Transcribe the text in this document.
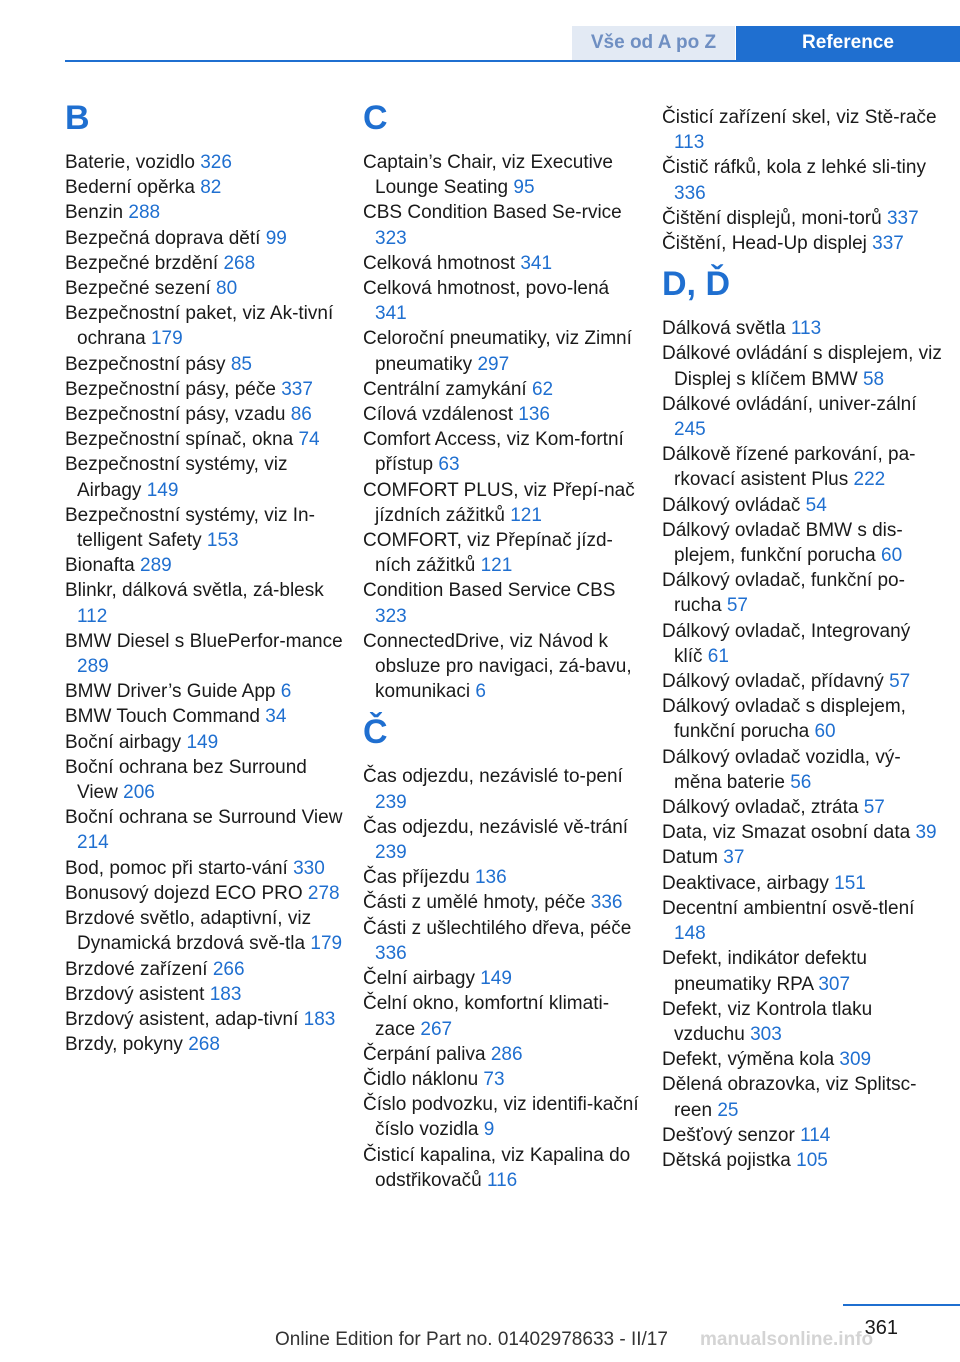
Vše od A po Z	Reference
B
Baterie, vozidlo 326
Bederní opěrka 82
Benzin 288
Bezpečná doprava dětí 99
Bezpečné brzdění 268
Bezpečné sezení 80
Bezpečnostní paket, viz Ak-tivní ochrana 179
Bezpečnostní pásy 85
Bezpečnostní pásy, péče 337
Bezpečnostní pásy, vzadu 86
Bezpečnostní spínač, okna 74
Bezpečnostní systémy, viz Airbagy 149
Bezpečnostní systémy, viz In-telligent Safety 153
Bionafta 289
Blinkr, dálková světla, zá-blesk 112
BMW Diesel s BluePerfor-mance 289
BMW Driver’s Guide App 6
BMW Touch Command 34
Boční airbagy 149
Boční ochrana bez Surround View 206
Boční ochrana se Surround View 214
Bod, pomoc při starto-vání 330
Bonusový dojezd ECO PRO 278
Brzdové světlo, adaptivní, viz Dynamická brzdová svě-tla 179
Brzdové zařízení 266
Brzdový asistent 183
Brzdový asistent, adap-tivní 183
Brzdy, pokyny 268
C
Captain’s Chair, viz Executive Lounge Seating 95
CBS Condition Based Se-rvice 323
Celková hmotnost 341
Celková hmotnost, povo-lená 341
Celoroční pneumatiky, viz Zimní pneumatiky 297
Centrální zamykání 62
Cílová vzdálenost 136
Comfort Access, viz Kom-fortní přístup 63
COMFORT PLUS, viz Přepí-nač jízdních zážitků 121
COMFORT, viz Přepínač jízd-ních zážitků 121
Condition Based Service CBS 323
ConnectedDrive, viz Návod k obsluze pro navigaci, zá-bavu, komunikaci 6
Č
Čas odjezdu, nezávislé to-pení 239
Čas odjezdu, nezávislé vě-trání 239
Čas příjezdu 136
Části z umělé hmoty, péče 336
Části z ušlechtilého dřeva, péče 336
Čelní airbagy 149
Čelní okno, komfortní klimati-zace 267
Čerpání paliva 286
Čidlo náklonu 73
Číslo podvozku, viz identifi-kační číslo vozidla 9
Čisticí kapalina, viz Kapalina do odstřikovačů 116
Čisticí zařízení skel, viz Stě-rače 113
Čistič ráfků, kola z lehké sli-tiny 336
Čištění displejů, moni-torů 337
Čištění, Head-Up displej 337
D, Ď
Dálková světla 113
Dálkové ovládání s displejem, viz Displej s klíčem BMW 58
Dálkové ovládání, univer-zální 245
Dálkově řízené parkování, pa-rkovací asistent Plus 222
Dálkový ovládač 54
Dálkový ovladač BMW s dis-plejem, funkční porucha 60
Dálkový ovladač, funkční po-rucha 57
Dálkový ovladač, Integrovaný klíč 61
Dálkový ovladač, přídavný 57
Dálkový ovladač s displejem, funkční porucha 60
Dálkový ovladač vozidla, vý-měna baterie 56
Dálkový ovladač, ztráta 57
Data, viz Smazat osobní data 39
Datum 37
Deaktivace, airbagy 151
Decentní ambientní osvě-tlení 148
Defekt, indikátor defektu pneumatiky RPA 307
Defekt, viz Kontrola tlaku vzduchu 303
Defekt, výměna kola 309
Dělená obrazovka, viz Splitsc-reen 25
Dešťový senzor 114
Dětská pojistka 105
361
Online Edition for Part no. 01402978633 - II/17 manualsonline.info
